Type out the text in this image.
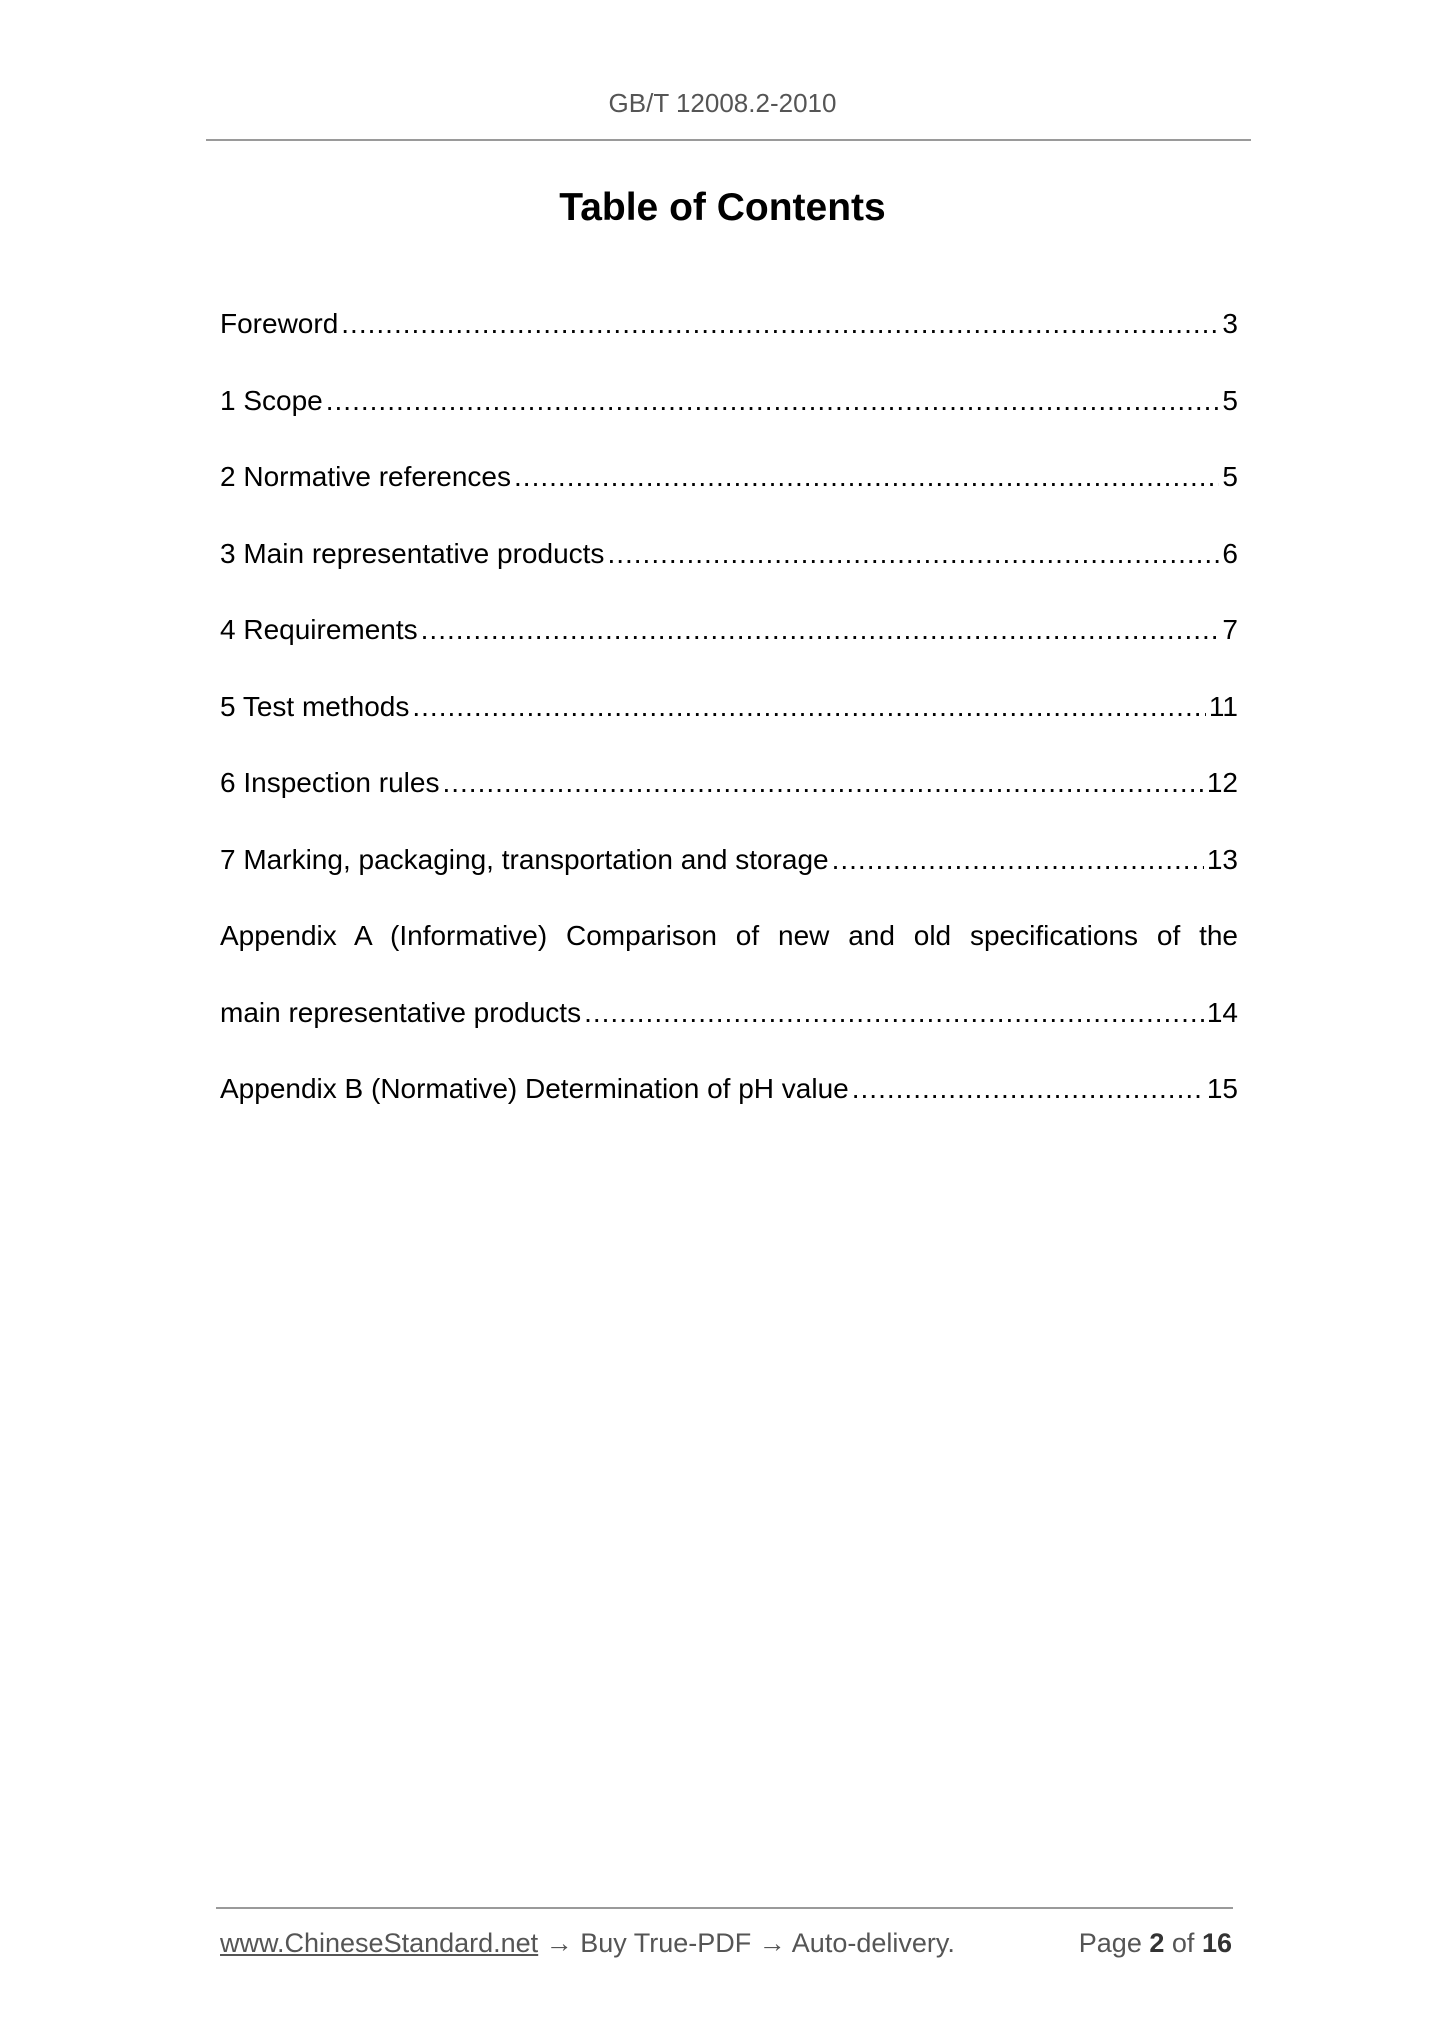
GB/T 12008.2-2010
Table of Contents
Foreword .....	3
1 Scope .....	5
2 Normative references .....	5
3 Main representative products .....	6
4 Requirements .....	7
5 Test methods .....	11
6 Inspection rules .....	12
7 Marking, packaging, transportation and storage .....	13
Appendix A (Informative) Comparison of new and old specifications of the
main representative products .....	14
Appendix B (Normative) Determination of pH value .....	15
www.ChineseStandard.net → Buy True-PDF → Auto-delivery.	Page 2 of 16
